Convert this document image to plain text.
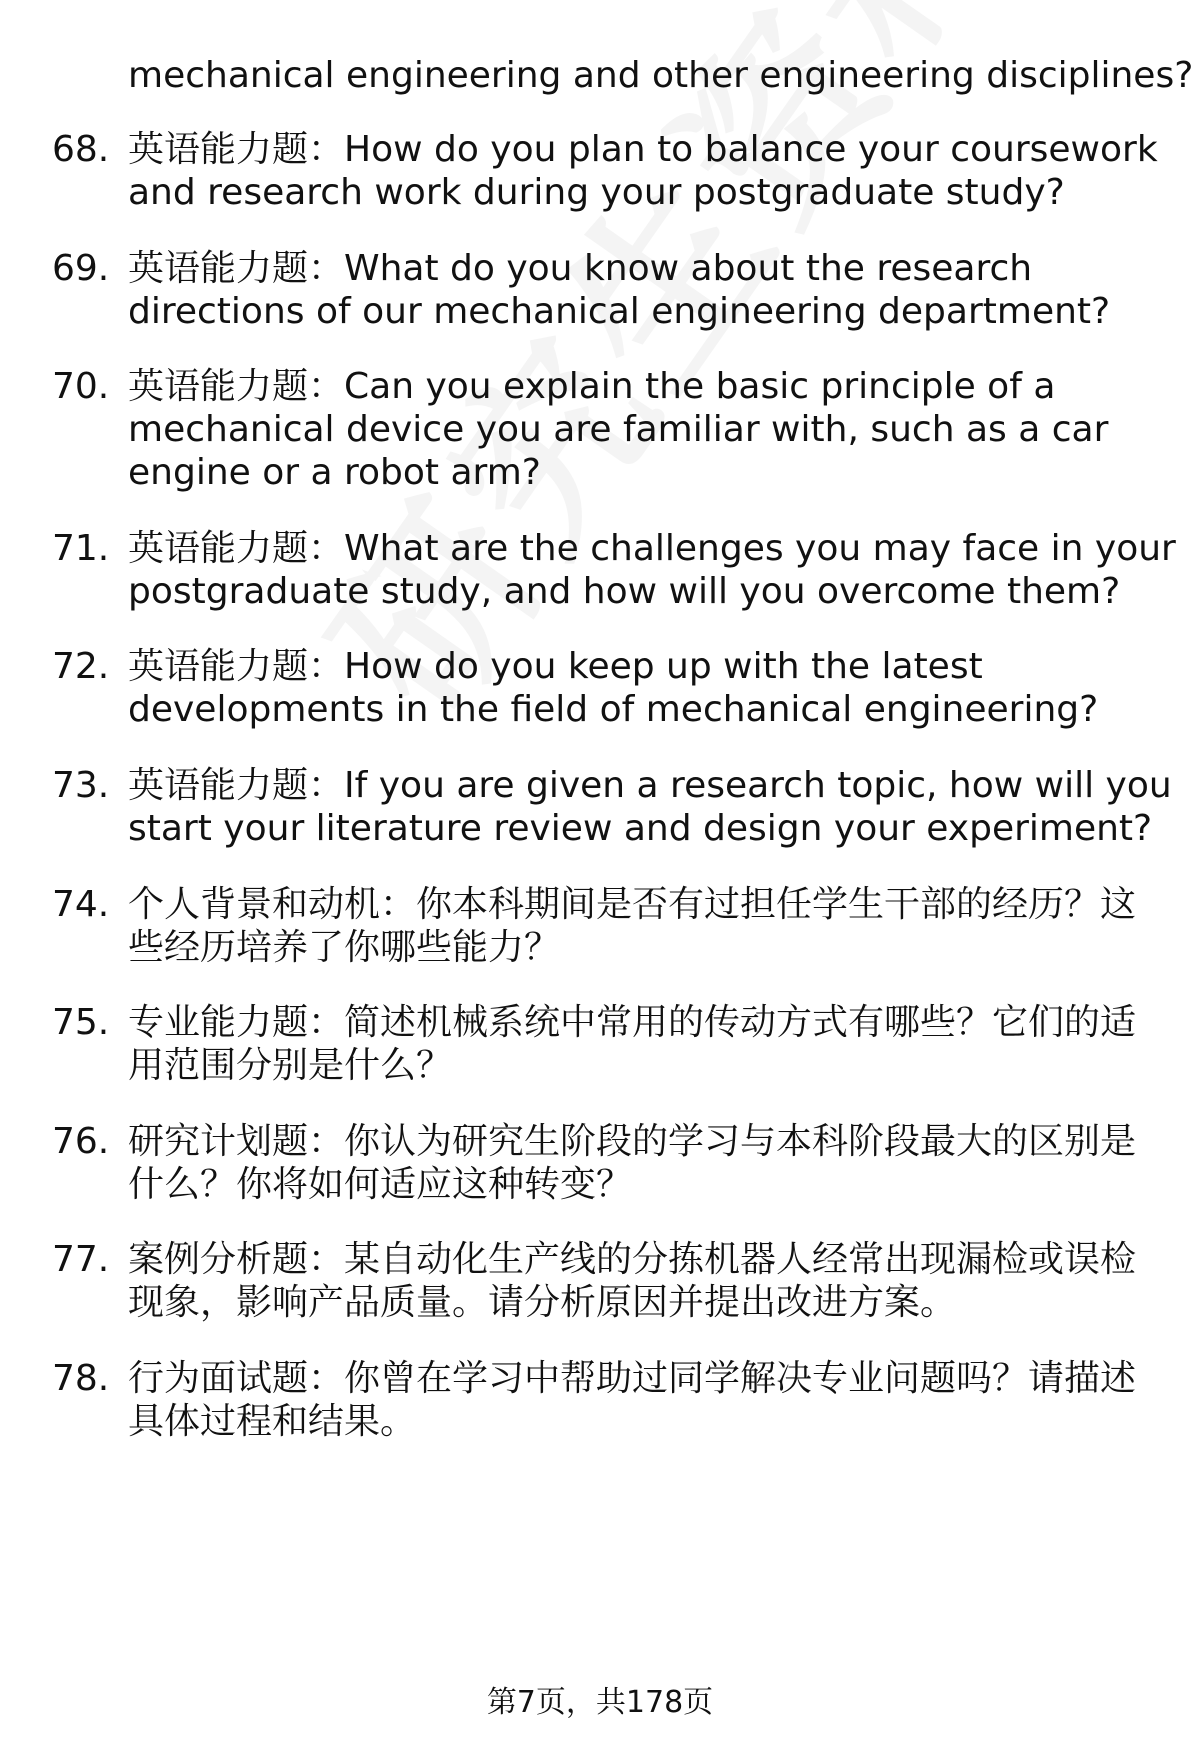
mechanical engineering and other engineering disciplines?
68. 英语能力题：How do you plan to balance your coursework
and research work during your postgraduate study?
69. 英语能力题：What do you know about the research
directions of our mechanical engineering department?
70. 英语能力题：Can you explain the basic principle of a
mechanical device you are familiar with, such as a car
engine or a robot arm?
71. 英语能力题：What are the challenges you may face in your
postgraduate study, and how will you overcome them?
72. 英语能力题：How do you keep up with the latest
developments in the field of mechanical engineering?
73. 英语能力题：If you are given a research topic, how will you
start your literature review and design your experiment?
74. 个人背景和动机：你本科期间是否有过担任学生干部的经历？这
些经历培养了你哪些能力？
75. 专业能力题：简述机械系统中常用的传动方式有哪些？它们的适
用范围分别是什么？
76. 研究计划题：你认为研究生阶段的学习与本科阶段最大的区别是
什么？你将如何适应这种转变？
77. 案例分析题：某自动化生产线的分拣机器人经常出现漏检或误检
现象，影响产品质量。请分析原因并提出改进方案。
78. 行为面试题：你曾在学习中帮助过同学解决专业问题吗？请描述
具体过程和结果。
第7页，共178页
